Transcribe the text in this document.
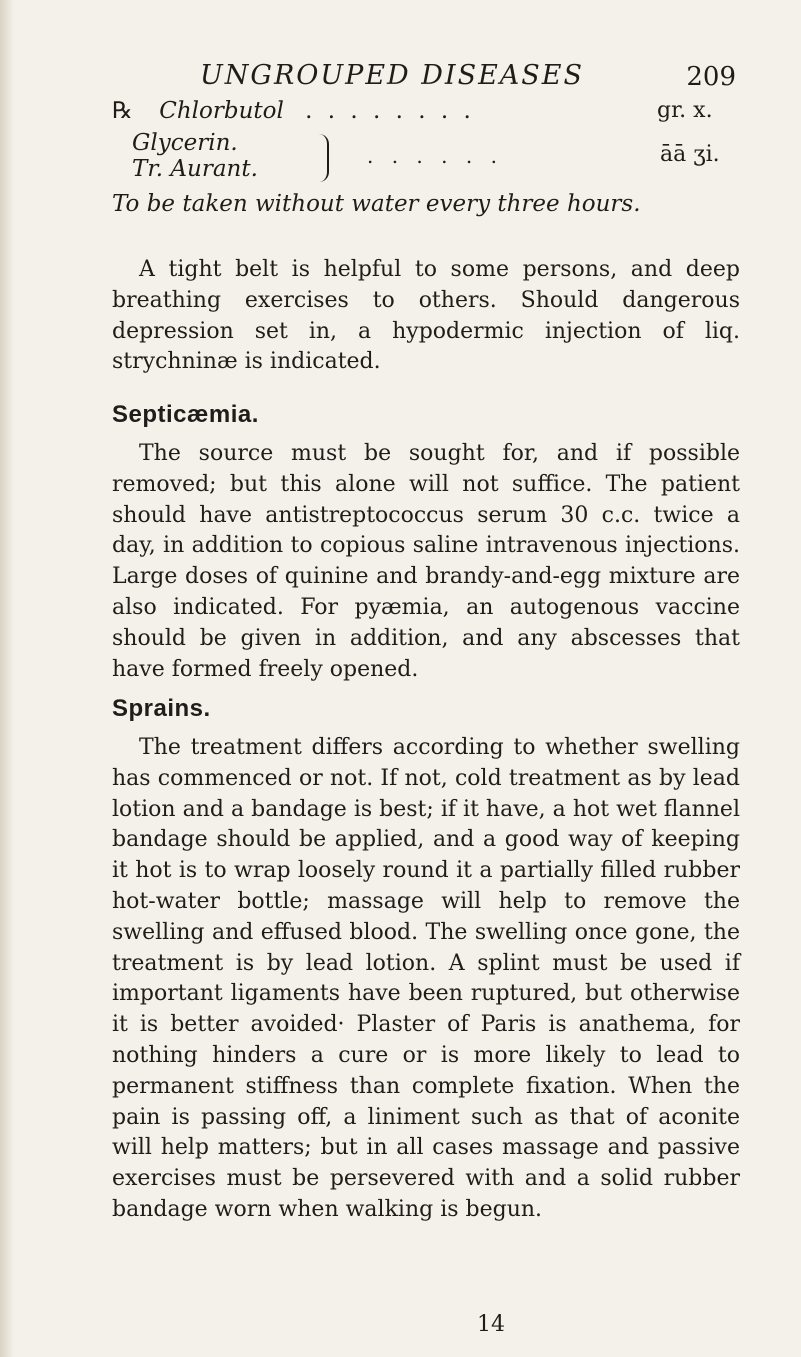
UNGROUPED DISEASES	209
℞ Chlorbutol . . . . . . . .	gr. x.
Glycerin.
Tr. Aurant.	. . . . . .	āā ʒi.
To be taken without water every three hours.

A tight belt is helpful to some persons, and deep breathing exercises to others. Should dangerous depression set in, a hypodermic injection of liq. strychninæ is indicated.

Septicæmia.

The source must be sought for, and if possible removed; but this alone will not suffice. The patient should have antistreptococcus serum 30 c.c. twice a day, in addition to copious saline intravenous injections. Large doses of quinine and brandy-and-egg mixture are also indicated. For pyæmia, an autogenous vaccine should be given in addition, and any abscesses that have formed freely opened.

Sprains.

The treatment differs according to whether swelling has commenced or not. If not, cold treatment as by lead lotion and a bandage is best; if it have, a hot wet flannel bandage should be applied, and a good way of keeping it hot is to wrap loosely round it a partially filled rubber hot-water bottle; massage will help to remove the swelling and effused blood. The swelling once gone, the treatment is by lead lotion. A splint must be used if important ligaments have been ruptured, but otherwise it is better avoided· Plaster of Paris is anathema, for nothing hinders a cure or is more likely to lead to permanent stiffness than complete fixation. When the pain is passing off, a liniment such as that of aconite will help matters; but in all cases massage and passive exercises must be persevered with and a solid rubber bandage worn when walking is begun.

14
